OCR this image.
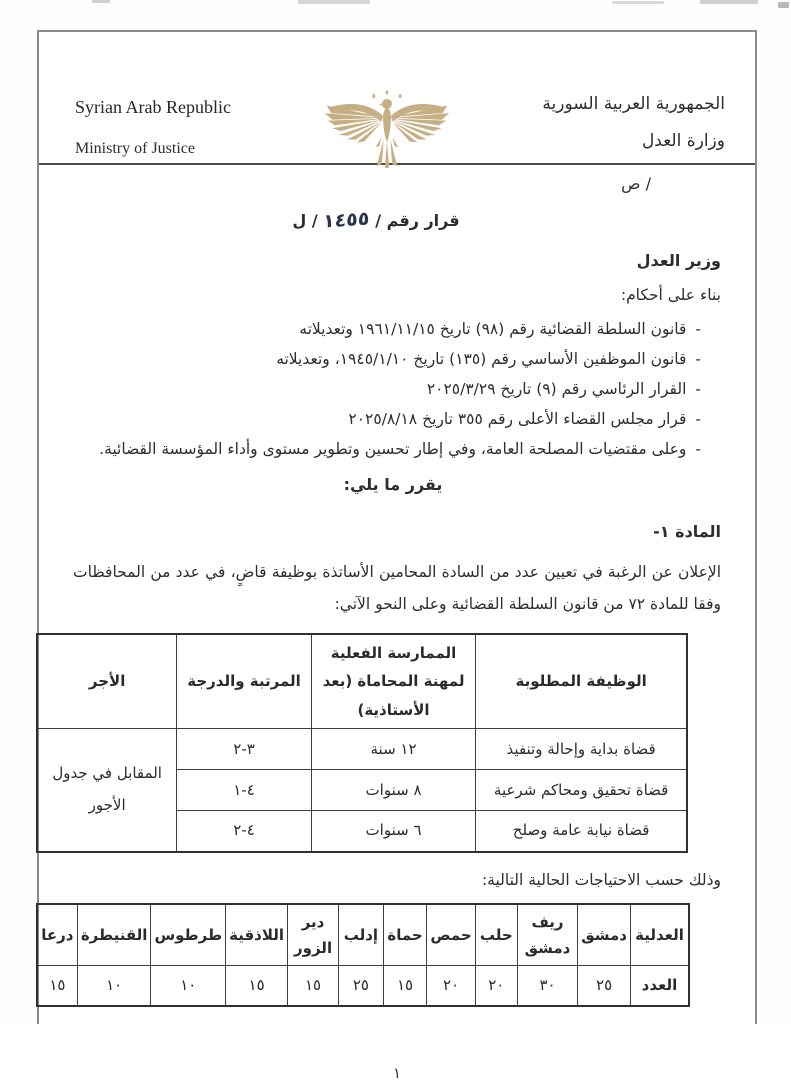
Syrian Arab Republic
Ministry of Justice
الجمهورية العربية السورية
وزارة العدل
/ ص
قرار رقم / ١٤٥٥ / ل
وزير العدل
بناء على أحكام:
-
قانون السلطة القضائية رقم (٩٨) تاريخ ١٩٦١/١١/١٥ وتعديلاته
-
قانون الموظفين الأساسي رقم (١٣٥) تاريخ ١٩٤٥/١/١٠، وتعديلاته
-
القرار الرئاسي رقم (٩) تاريخ ٢٠٢٥/٣/٢٩
-
قرار مجلس القضاء الأعلى رقم ٣٥٥ تاريخ ٢٠٢٥/٨/١٨
-
وعلى مقتضيات المصلحة العامة، وفي إطار تحسين وتطوير مستوى وأداء المؤسسة القضائية.
يقرر ما يلي:
المادة ١-
الإعلان عن الرغبة في تعيين عدد من السادة المحامين الأساتذة بوظيفة قاضٍ، في عدد من المحافظات وفقا للمادة ٧٢ من قانون السلطة القضائية وعلى النحو الآتي:
الوظيفة المطلوبة	الممارسة الفعلية لمهنة المحاماة (بعد الأستاذية)	المرتبة والدرجة	الأجر
قضاة بداية وإحالة وتنفيذ	١٢ سنة	٣-٢	المقابل في جدول الأجور
قضاة تحقيق ومحاكم شرعية	٨ سنوات	٤-١	
قضاة نيابة عامة وصلح	٦ سنوات	٤-٢	
وذلك حسب الاحتياجات الحالية التالية:
العدلية	دمشق	ريف دمشق	حلب	حمص	حماة	إدلب	دير الزور	اللاذقية	طرطوس	القنيطرة	درعا
العدد	٢٥	٣٠	٢٠	٢٠	١٥	٢٥	١٥	١٥	١٠	١٠	١٥
١
